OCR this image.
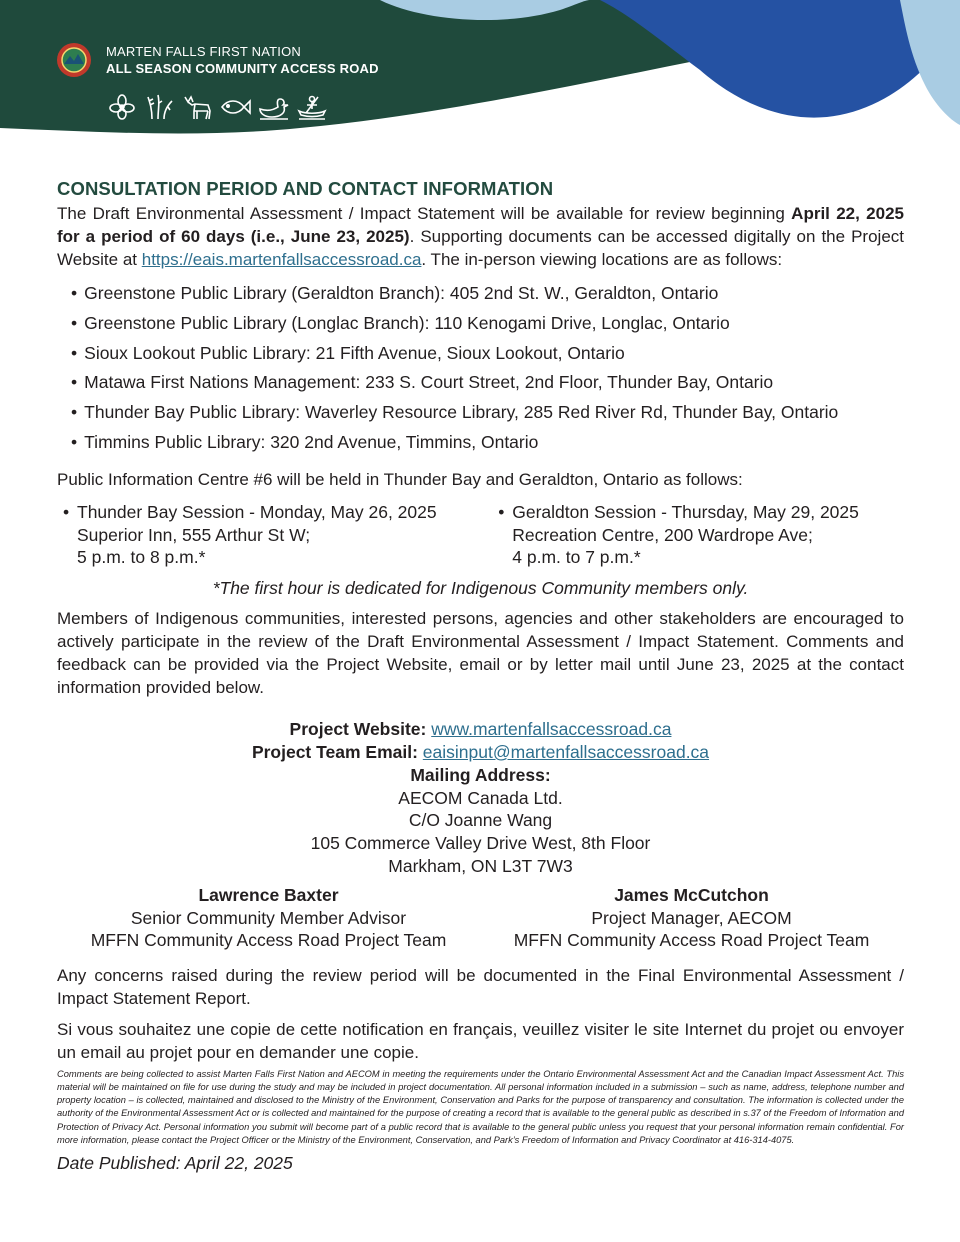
MARTEN FALLS FIRST NATION
ALL SEASON COMMUNITY ACCESS ROAD
CONSULTATION PERIOD AND CONTACT INFORMATION

The Draft Environmental Assessment / Impact Statement will be available for review beginning April 22, 2025 for a period of 60 days (i.e., June 23, 2025). Supporting documents can be accessed digitally on the Project Website at https://eais.martenfallsaccessroad.ca. The in-person viewing locations are as follows:

• Greenstone Public Library (Geraldton Branch): 405 2nd St. W., Geraldton, Ontario
• Greenstone Public Library (Longlac Branch): 110 Kenogami Drive, Longlac, Ontario
• Sioux Lookout Public Library: 21 Fifth Avenue, Sioux Lookout, Ontario
• Matawa First Nations Management: 233 S. Court Street, 2nd Floor, Thunder Bay, Ontario
• Thunder Bay Public Library: Waverley Resource Library, 285 Red River Rd, Thunder Bay, Ontario
• Timmins Public Library: 320 2nd Avenue, Timmins, Ontario

Public Information Centre #6 will be held in Thunder Bay and Geraldton, Ontario as follows:

• Thunder Bay Session - Monday, May 26, 2025
Superior Inn, 555 Arthur St W;
5 p.m. to 8 p.m.*
• Geraldton Session - Thursday, May 29, 2025
Recreation Centre, 200 Wardrope Ave;
4 p.m. to 7 p.m.*

*The first hour is dedicated for Indigenous Community members only.

Members of Indigenous communities, interested persons, agencies and other stakeholders are encouraged to actively participate in the review of the Draft Environmental Assessment / Impact Statement. Comments and feedback can be provided via the Project Website, email or by letter mail until June 23, 2025 at the contact information provided below.

Project Website: www.martenfallsaccessroad.ca
Project Team Email: eaisinput@martenfallsaccessroad.ca
Mailing Address:
AECOM Canada Ltd.
C/O Joanne Wang
105 Commerce Valley Drive West, 8th Floor
Markham, ON L3T 7W3
Lawrence Baxter
Senior Community Member Advisor
MFFN Community Access Road Project Team
James McCutchon
Project Manager, AECOM
MFFN Community Access Road Project Team

Any concerns raised during the review period will be documented in the Final Environmental Assessment / Impact Statement Report.

Si vous souhaitez une copie de cette notification en français, veuillez visiter le site Internet du projet ou envoyer un email au projet pour en demander une copie.

Comments are being collected to assist Marten Falls First Nation and AECOM in meeting the requirements under the Ontario Environmental Assessment Act and the Canadian Impact Assessment Act. This material will be maintained on file for use during the study and may be included in project documentation. All personal information included in a submission – such as name, address, telephone number and property location – is collected, maintained and disclosed to the Ministry of the Environment, Conservation and Parks for the purpose of transparency and consultation. The information is collected under the authority of the Environmental Assessment Act or is collected and maintained for the purpose of creating a record that is available to the general public as described in s.37 of the Freedom of Information and Protection of Privacy Act. Personal information you submit will become part of a public record that is available to the general public unless you request that your personal information remain confidential. For more information, please contact the Project Officer or the Ministry of the Environment, Conservation, and Park’s Freedom of Information and Privacy Coordinator at 416-314-4075.

Date Published: April 22, 2025
